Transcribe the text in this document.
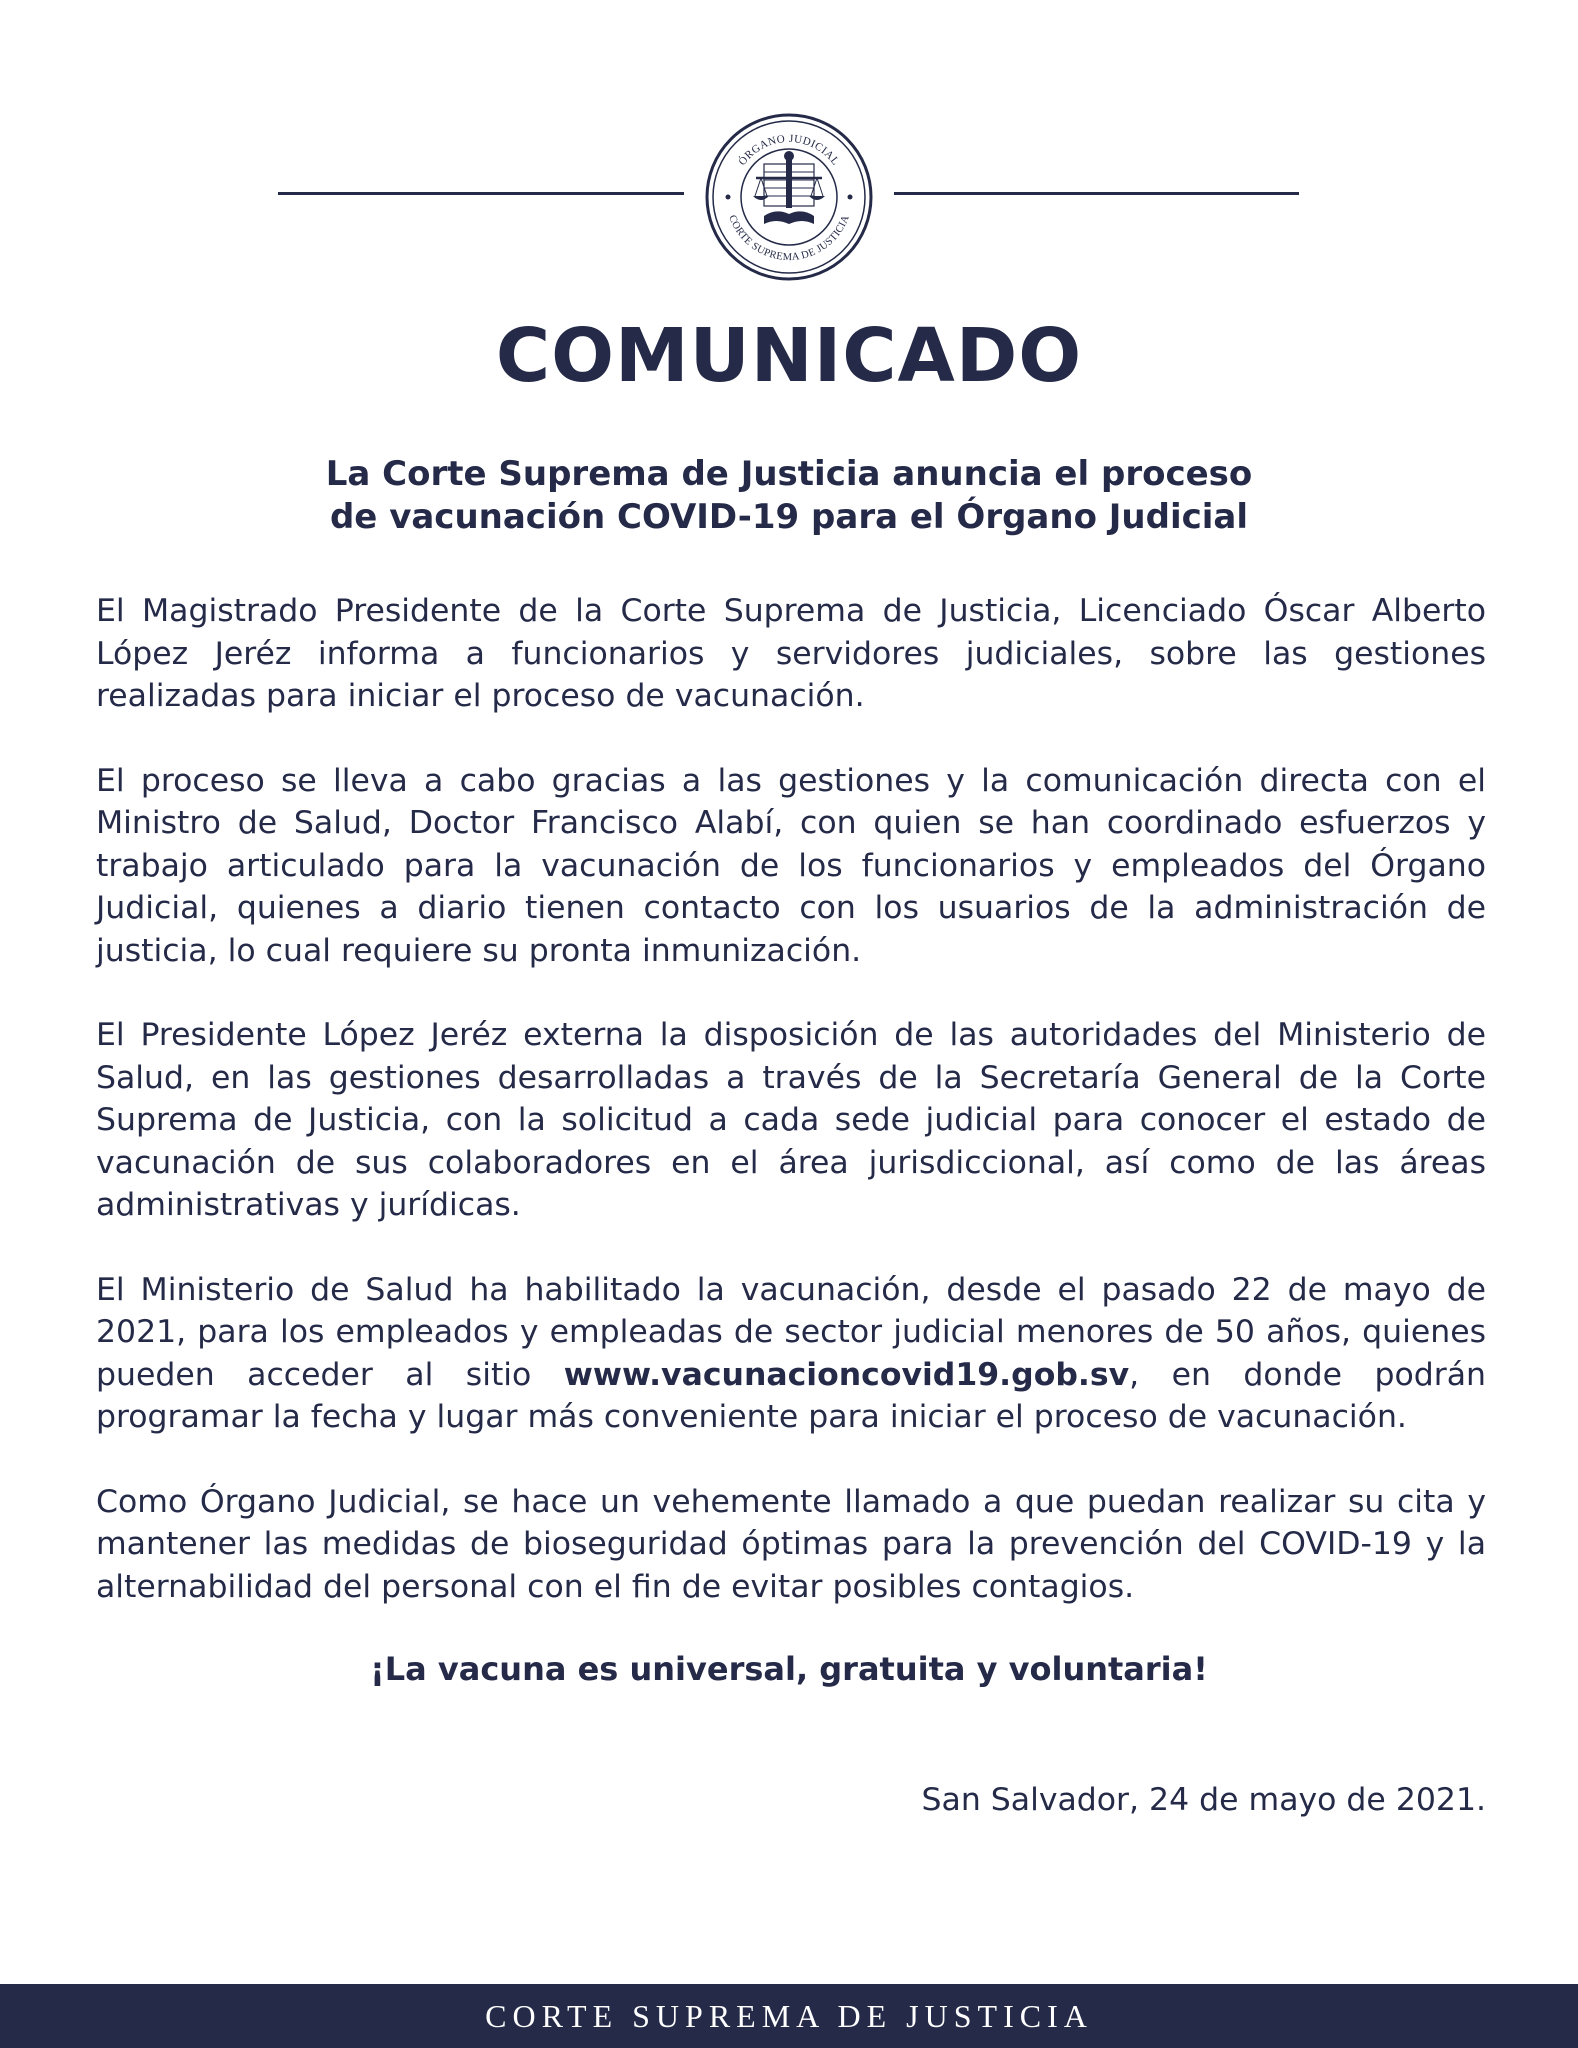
ÓRGANO JUDICIAL
CORTE SUPREMA DE JUSTICIA
COMUNICADO
La Corte Suprema de Justicia anuncia el proceso
de vacunación COVID-19 para el Órgano Judicial

El Magistrado Presidente de la Corte Suprema de Justicia, Licenciado Óscar Alberto López Jeréz informa a funcionarios y servidores judiciales, sobre las gestiones realizadas para iniciar el proceso de vacunación.

El proceso se lleva a cabo gracias a las gestiones y la comunicación directa con el Ministro de Salud, Doctor Francisco Alabí, con quien se han coordinado esfuerzos y trabajo articulado para la vacunación de los funcionarios y empleados del Órgano Judicial, quienes a diario tienen contacto con los usuarios de la administración de justicia, lo cual requiere su pronta inmunización.

El Presidente López Jeréz externa la disposición de las autoridades del Ministerio de Salud, en las gestiones desarrolladas a través de la Secretaría General de la Corte Suprema de Justicia, con la solicitud a cada sede judicial para conocer el estado de vacunación de sus colaboradores en el área jurisdiccional, así como de las áreas administrativas y jurídicas.

El Ministerio de Salud ha habilitado la vacunación, desde el pasado 22 de mayo de 2021, para los empleados y empleadas de sector judicial menores de 50 años, quienes pueden acceder al sitio www.vacunacioncovid19.gob.sv, en donde podrán programar la fecha y lugar más conveniente para iniciar el proceso de vacunación.

Como Órgano Judicial, se hace un vehemente llamado a que puedan realizar su cita y mantener las medidas de bioseguridad óptimas para la prevención del COVID-19 y la alternabilidad del personal con el fin de evitar posibles contagios.

¡La vacuna es universal, gratuita y voluntaria!

San Salvador, 24 de mayo de 2021.

CORTE SUPREMA DE JUSTICIA
